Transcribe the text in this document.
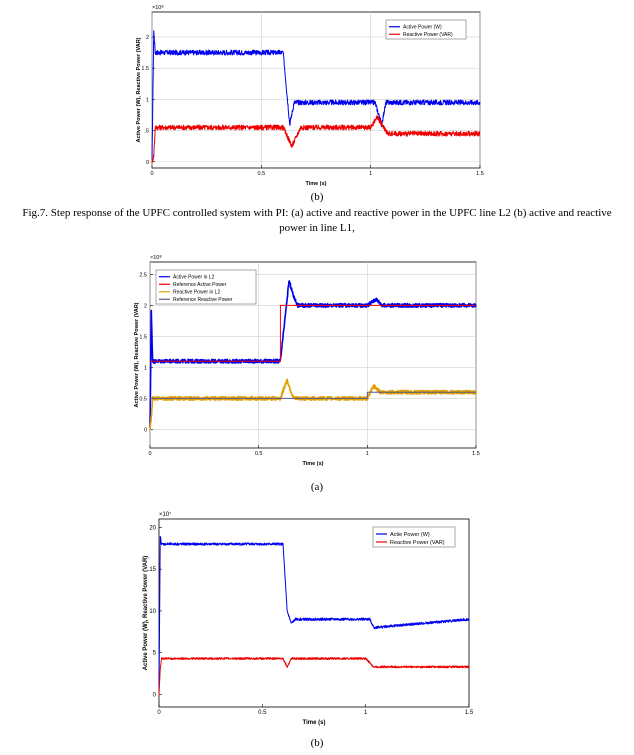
0	0.5	1	1.5
0
.5
1
1.5
2
×10⁸
Time (s)
Active Power (W), Reactive Power (VAR)
Active Power (W)
Reactive Power (VAR)
(b)
Fig.7. Step response of the UPFC controlled system with PI: (a) active and reactive power in the UPFC line L2 (b) active and reactive power in line L1,
0	0.5	1	1.5
0
0.5
1
1.5
2
2.5
×10⁸
Time (s)
Active Power (W), Reactive Power (VAR)
Active Power in L2
Reference Active Power
Reactive Power in L2
Reference Reactive Power
(a)
0	0.5	1	1.5
0
5
10
15
20
×10⁷
Time (s)
Active Power (W), Reactive Power (VAR)
Actie Power (W)
Reactive Power (VAR)
(b)
